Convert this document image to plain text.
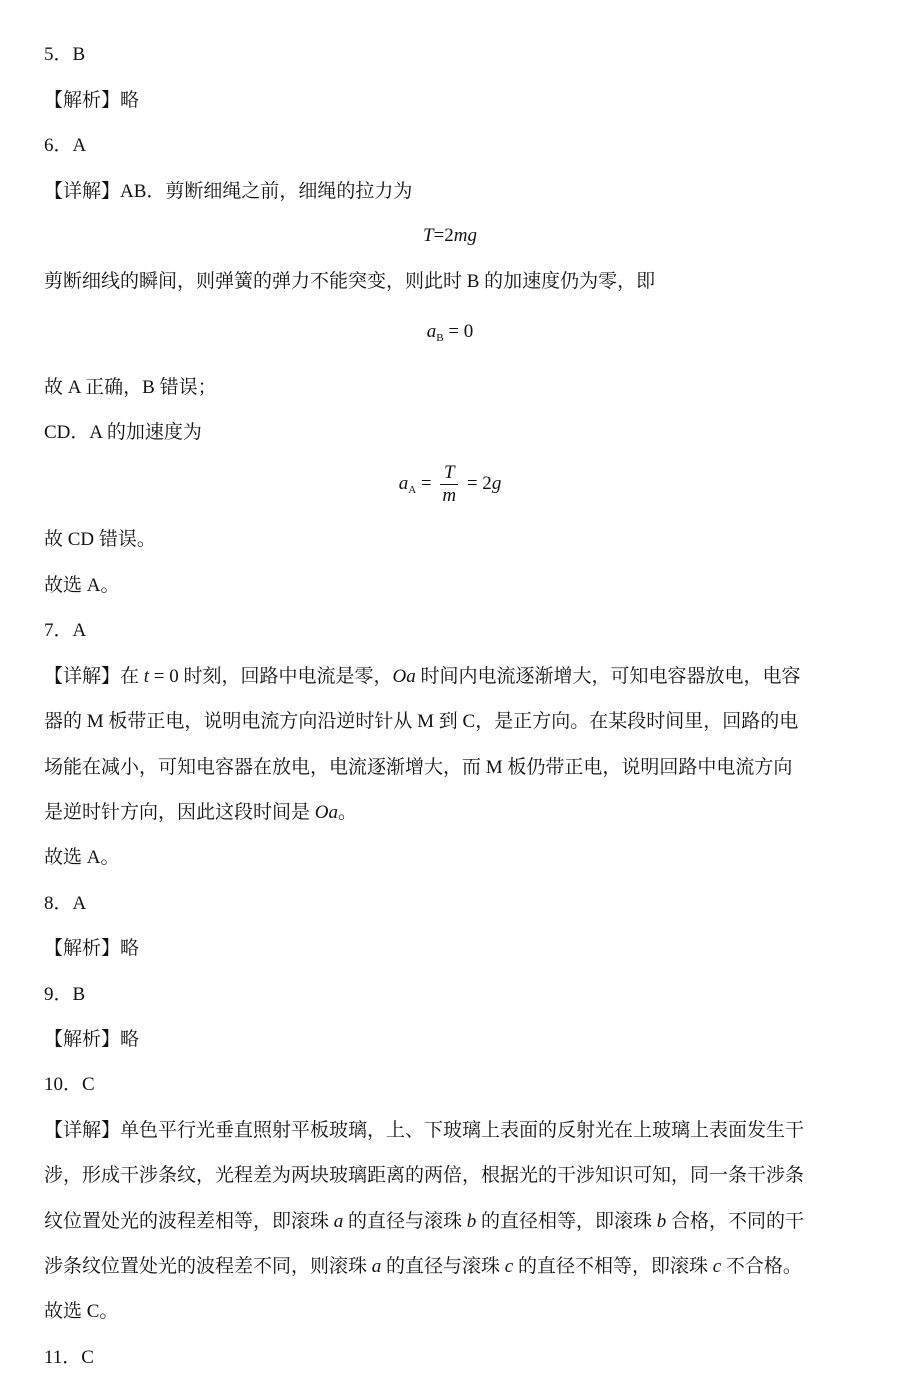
5．B
【解析】略
6．A
【详解】AB．剪断细绳之前，细绳的拉力为
T=2mg
剪断细线的瞬间，则弹簧的弹力不能突变，则此时 B 的加速度仍为零，即
$a_B = 0$
故 A 正确，B 错误；
CD．A 的加速度为
$a_A = \frac{T}{m} = 2g$
故 CD 错误。
故选 A。
7．A
【详解】在 t = 0 时刻，回路中电流是零，Oa 时间内电流逐渐增大，可知电容器放电，电容
器的 M 板带正电，说明电流方向沿逆时针从 M 到 C，是正方向。在某段时间里，回路的电
场能在减小，可知电容器在放电，电流逐渐增大，而 M 板仍带正电，说明回路中电流方向
是逆时针方向，因此这段时间是 Oa。
故选 A。
8．A
【解析】略
9．B
【解析】略
10．C
【详解】单色平行光垂直照射平板玻璃，上、下玻璃上表面的反射光在上玻璃上表面发生干
涉，形成干涉条纹，光程差为两块玻璃距离的两倍，根据光的干涉知识可知，同一条干涉条
纹位置处光的波程差相等，即滚珠 a 的直径与滚珠 b 的直径相等，即滚珠 b 合格，不同的干
涉条纹位置处光的波程差不同，则滚珠 a 的直径与滚珠 c 的直径不相等，即滚珠 c 不合格。
故选 C。
11．C
